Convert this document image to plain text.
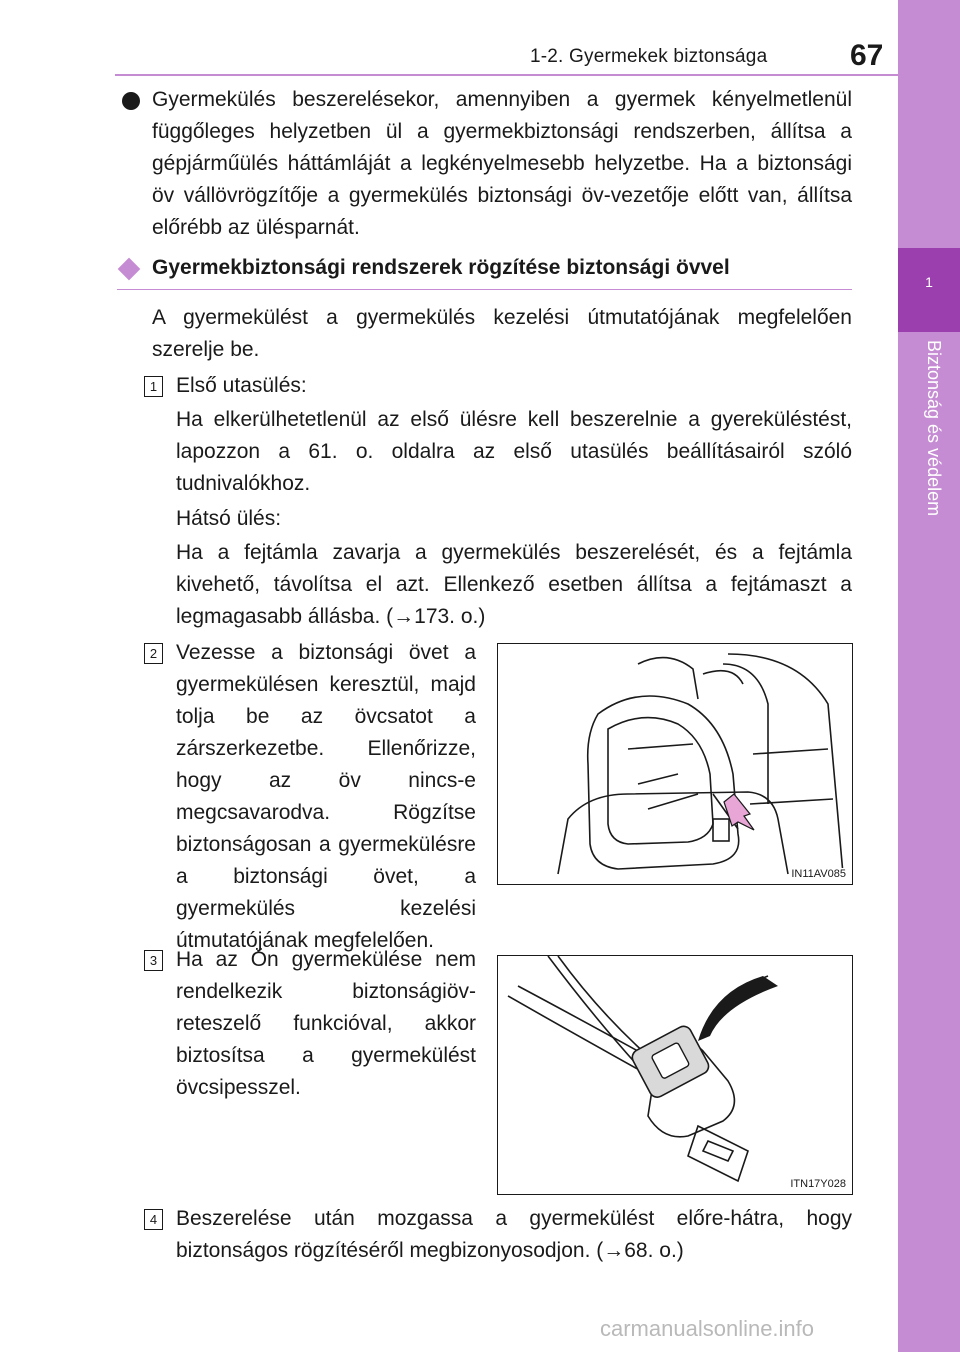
1-2. Gyermekek biztonsága	67
1
Biztonság és védelem
Gyermekülés beszerelésekor, amennyiben a gyermek kényelmetlenül függőleges helyzetben ül a gyermekbiztonsági rendszerben, állítsa a gépjárműülés háttámláját a legkényelmesebb helyzetbe. Ha a biztonsági öv vállövrögzítője a gyermekülés biztonsági öv-vezetője előtt van, állítsa előrébb az ülésparnát.
Gyermekbiztonsági rendszerek rögzítése biztonsági övvel
A gyermekülést a gyermekülés kezelési útmutatójának megfelelően szerelje be.
1 Első utasülés:
Ha elkerülhetetlenül az első ülésre kell beszerelnie a gyereküléstést, lapozzon a 61. o. oldalra az első utasülés beállításairól szóló tudnivalókhoz.
Hátsó ülés:
Ha a fejtámla zavarja a gyermekülés beszerelését, és a fejtámla kivehető, távolítsa el azt. Ellenkező esetben állítsa a fejtámaszt a legmagasabb állásba. (→173. o.)
2 Vezesse a biztonsági övet a gyermekülésen keresztül, majd tolja be az övcsatot a zárszerkezetbe. Ellenőrizze, hogy az öv nincs-e megcsavarodva. Rögzítse biztonságosan a gyermekülésre a biztonsági övet, a gyermekülés kezelési útmutatójának megfelelően.
IN11AV085
3 Ha az Ön gyermekülése nem rendelkezik biztonságiöv-reteszelő funkcióval, akkor biztosítsa a gyermekülést övcsipesszel.
ITN17Y028
4 Beszerelése után mozgassa a gyermekülést előre-hátra, hogy biztonságos rögzítéséről megbizonyosodjon. (→68. o.)
carmanualsonline.info
